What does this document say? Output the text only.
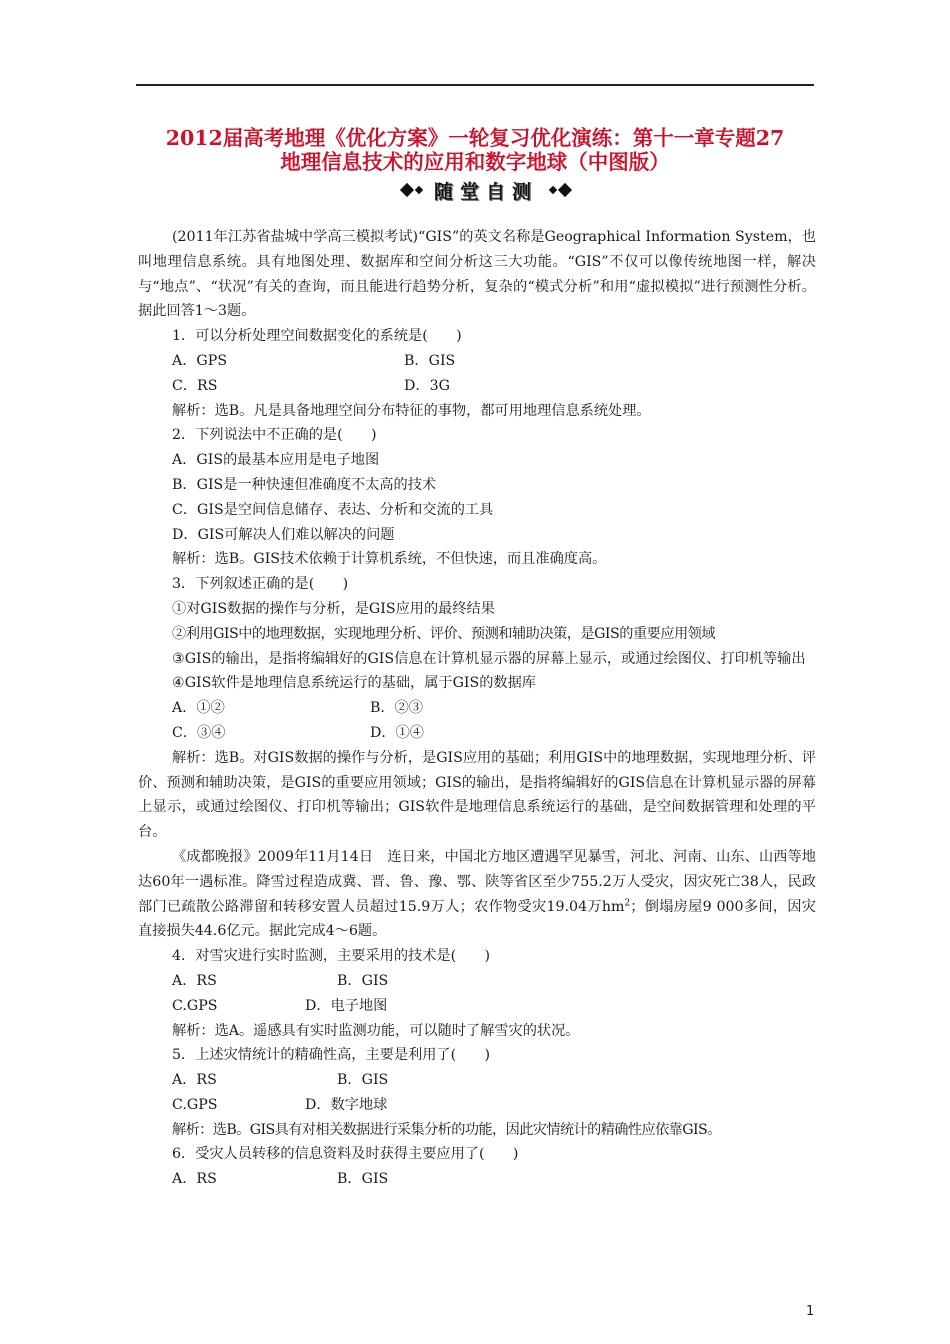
2012届高考地理《优化方案》一轮复习优化演练：第十一章专题27
地理信息技术的应用和数字地球（中图版）
随堂自测

(2011年江苏省盐城中学高三模拟考试)“GIS”的英文名称是Geographical Information System，也叫地理信息系统。具有地图处理、数据库和空间分析这三大功能。“GIS”不仅可以像传统地图一样，解决与“地点”、“状况”有关的查询，而且能进行趋势分析，复杂的“模式分析”和用“虚拟模拟”进行预测性分析。据此回答1～3题。

1．可以分析处理空间数据变化的系统是(　　)

A．GPS	B．GIS
C．RS	D．3G

解析：选B。凡是具备地理空间分布特征的事物，都可用地理信息系统处理。

2．下列说法中不正确的是(　　)

A．GIS的最基本应用是电子地图

B．GIS是一种快速但准确度不太高的技术

C．GIS是空间信息储存、表达、分析和交流的工具

D．GIS可解决人们难以解决的问题

解析：选B。GIS技术依赖于计算机系统，不但快速，而且准确度高。

3．下列叙述正确的是(　　)

①对GIS数据的操作与分析，是GIS应用的最终结果

②利用GIS中的地理数据，实现地理分析、评价、预测和辅助决策，是GIS的重要应用领域

③GIS的输出，是指将编辑好的GIS信息在计算机显示器的屏幕上显示，或通过绘图仪、打印机等输出

④GIS软件是地理信息系统运行的基础，属于GIS的数据库

A．①②	B．②③
C．③④	D．①④

解析：选B。对GIS数据的操作与分析，是GIS应用的基础；利用GIS中的地理数据，实现地理分析、评价、预测和辅助决策，是GIS的重要应用领域；GIS的输出，是指将编辑好的GIS信息在计算机显示器的屏幕上显示，或通过绘图仪、打印机等输出；GIS软件是地理信息系统运行的基础，是空间数据管理和处理的平台。

《成都晚报》2009年11月14日　连日来，中国北方地区遭遇罕见暴雪，河北、河南、山东、山西等地达60年一遇标准。降雪过程造成冀、晋、鲁、豫、鄂、陕等省区至少755.2万人受灾，因灾死亡38人，民政部门已疏散公路滞留和转移安置人员超过15.9万人；农作物受灾19.04万$hm^2$；倒塌房屋9 000多间，因灾直接损失44.6亿元。据此完成4～6题。

4．对雪灾进行实时监测，主要采用的技术是(　　)

A．RS	B．GIS
C.GPS	D．电子地图

解析：选A。遥感具有实时监测功能，可以随时了解雪灾的状况。

5．上述灾情统计的精确性高，主要是利用了(　　)

A．RS	B．GIS
C.GPS	D．数字地球

解析：选B。GIS具有对相关数据进行采集分析的功能，因此灾情统计的精确性应依靠GIS。

6．受灾人员转移的信息资料及时获得主要应用了(　　)

A．RS	B．GIS
1
